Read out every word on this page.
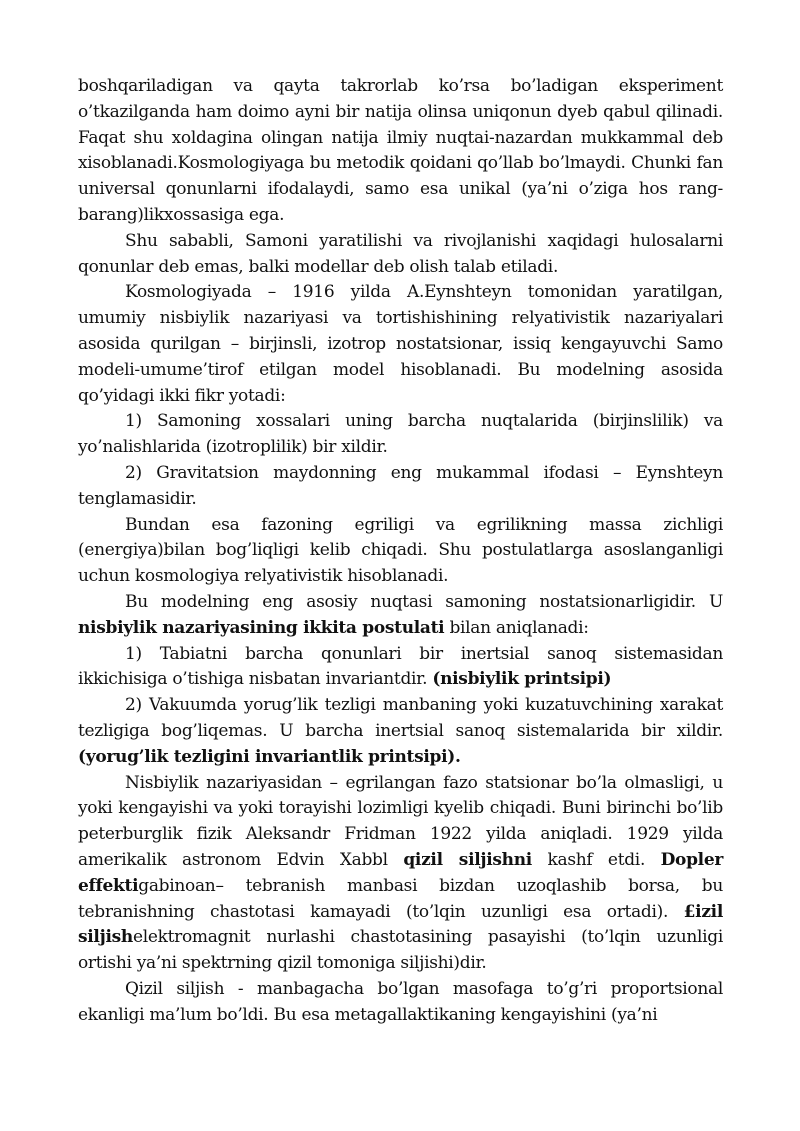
boshqariladigan va qayta takrorlab ko’rsa bo’ladigan eksperiment o’tkazilganda ham doimo ayni bir natija olinsa uniqonun dyeb qabul qilinadi. Faqat shu xoldagina olingan natija ilmiy nuqtai-nazardan mukkammal deb xisoblanadi.Kosmologiyaga bu metodik qoidani qo’llab bo’lmaydi. Chunki fan universal qonunlarni ifodalaydi, samo esa unikal (ya’ni o’ziga hos rang-barang)likxossasiga ega.

Shu sababli, Samoni yaratilishi va rivojlanishi xaqidagi hulosalarni qonunlar deb emas, balki modellar deb olish talab etiladi.

Kosmologiyada – 1916 yilda A.Eynshteyn tomonidan yaratilgan, umumiy nisbiylik nazariyasi va tortishishining relyativistik nazariyalari asosida qurilgan – birjinsli, izotrop nostatsionar, issiq kengayuvchi Samo modeli-umume’tirof etilgan model hisoblanadi. Bu modelning asosida qo’yidagi ikki fikr yotadi:

1) Samoning xossalari uning barcha nuqtalarida (birjinslilik) va yo’nalishlarida (izotroplilik) bir xildir.

2) Gravitatsion maydonning eng mukammal ifodasi – Eynshteyn tenglamasidir.

Bundan esa fazoning egriligi va egrilikning massa zichligi (energiya)bilan bog’liqligi kelib chiqadi. Shu postulatlarga asoslanganligi uchun kosmologiya relyativistik hisoblanadi.

Bu modelning eng asosiy nuqtasi samoning nostatsionarligidir. U nisbiylik nazariyasining ikkita postulati bilan aniqlanadi:

1) Tabiatni barcha qonunlari bir inertsial sanoq sistemasidan ikkichisiga o’tishiga nisbatan invariantdir. (nisbiylik printsipi)

2) Vakuumda yorug’lik tezligi manbaning yoki kuzatuvchining xarakat tezligiga bog’liqemas. U barcha inertsial sanoq sistemalarida bir xildir. (yorug’lik tezligini invariantlik printsipi).

Nisbiylik nazariyasidan – egrilangan fazo statsionar bo’la olmasligi, u yoki kengayishi va yoki torayishi lozimligi kyelib chiqadi. Buni birinchi bo’lib peterburglik fizik Aleksandr Fridman 1922 yilda aniqladi. 1929 yilda amerikalik astronom Edvin Xabbl qizil siljishni kashf etdi. Dopler effektigabinoan– tebranish manbasi bizdan uzoqlashib borsa, bu tebranishning chastotasi kamayadi (to’lqin uzunligi esa ortadi). £izil siljishelektromagnit nurlashi chastotasining pasayishi (to’lqin uzunligi ortishi ya’ni spektrning qizil tomoniga siljishi)dir.

Qizil siljish - manbagacha bo’lgan masofaga to’g’ri proportsional ekanligi ma’lum bo’ldi. Bu esa metagallaktikaning kengayishini (ya’ni
